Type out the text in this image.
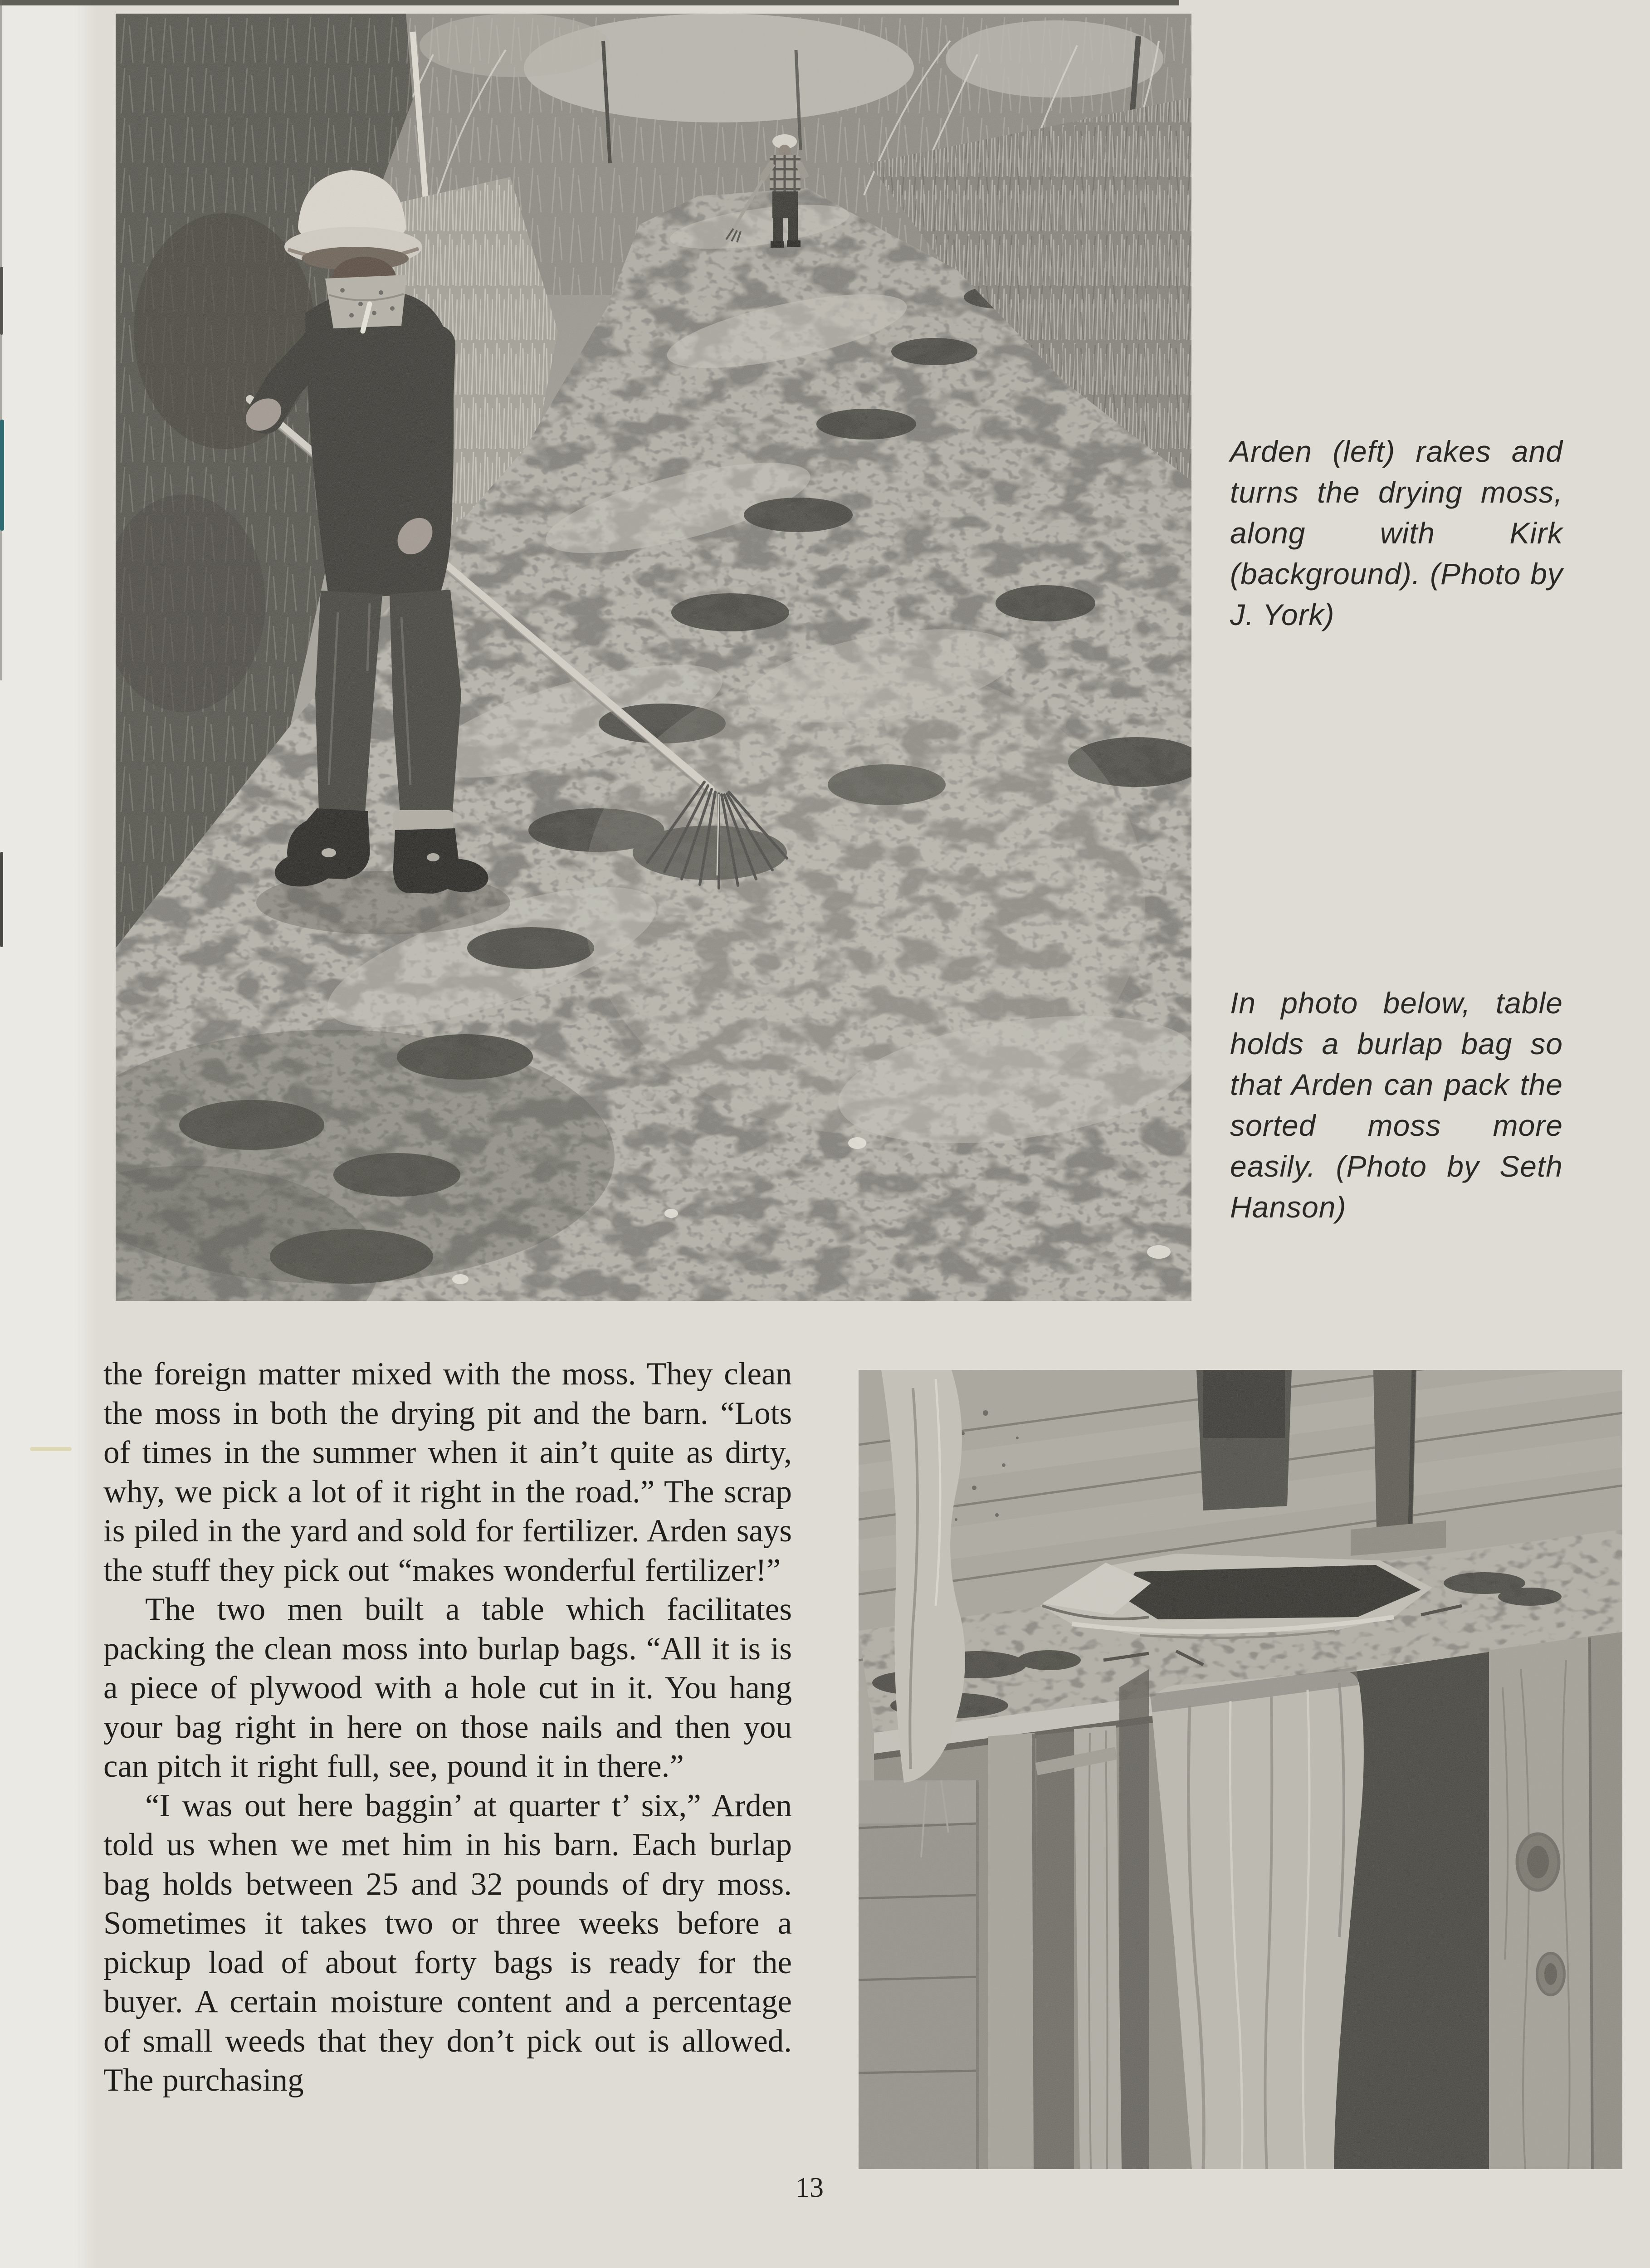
Arden (left) rakes and turns the drying moss, along with Kirk (background). (Photo by J. York)
In photo below, table holds a burlap bag so that Arden can pack the sorted moss more easily. (Photo by Seth Hanson)

the foreign matter mixed with the moss. They clean the moss in both the drying pit and the barn. “Lots of times in the summer when it ain’t quite as dirty, why, we pick a lot of it right in the road.” The scrap is piled in the yard and sold for fertilizer. Arden says the stuff they pick out “makes wonderful fertilizer!”

The two men built a table which facilitates packing the clean moss into burlap bags. “All it is is a piece of plywood with a hole cut in it. You hang your bag right in here on those nails and then you can pitch it right full, see, pound it in there.”

“I was out here baggin’ at quarter t’ six,” Arden told us when we met him in his barn. Each burlap bag holds between 25 and 32 pounds of dry moss. Sometimes it takes two or three weeks before a pickup load of about forty bags is ready for the buyer. A certain moisture content and a percentage of small weeds that they don’t pick out is allowed. The purchasing

13
